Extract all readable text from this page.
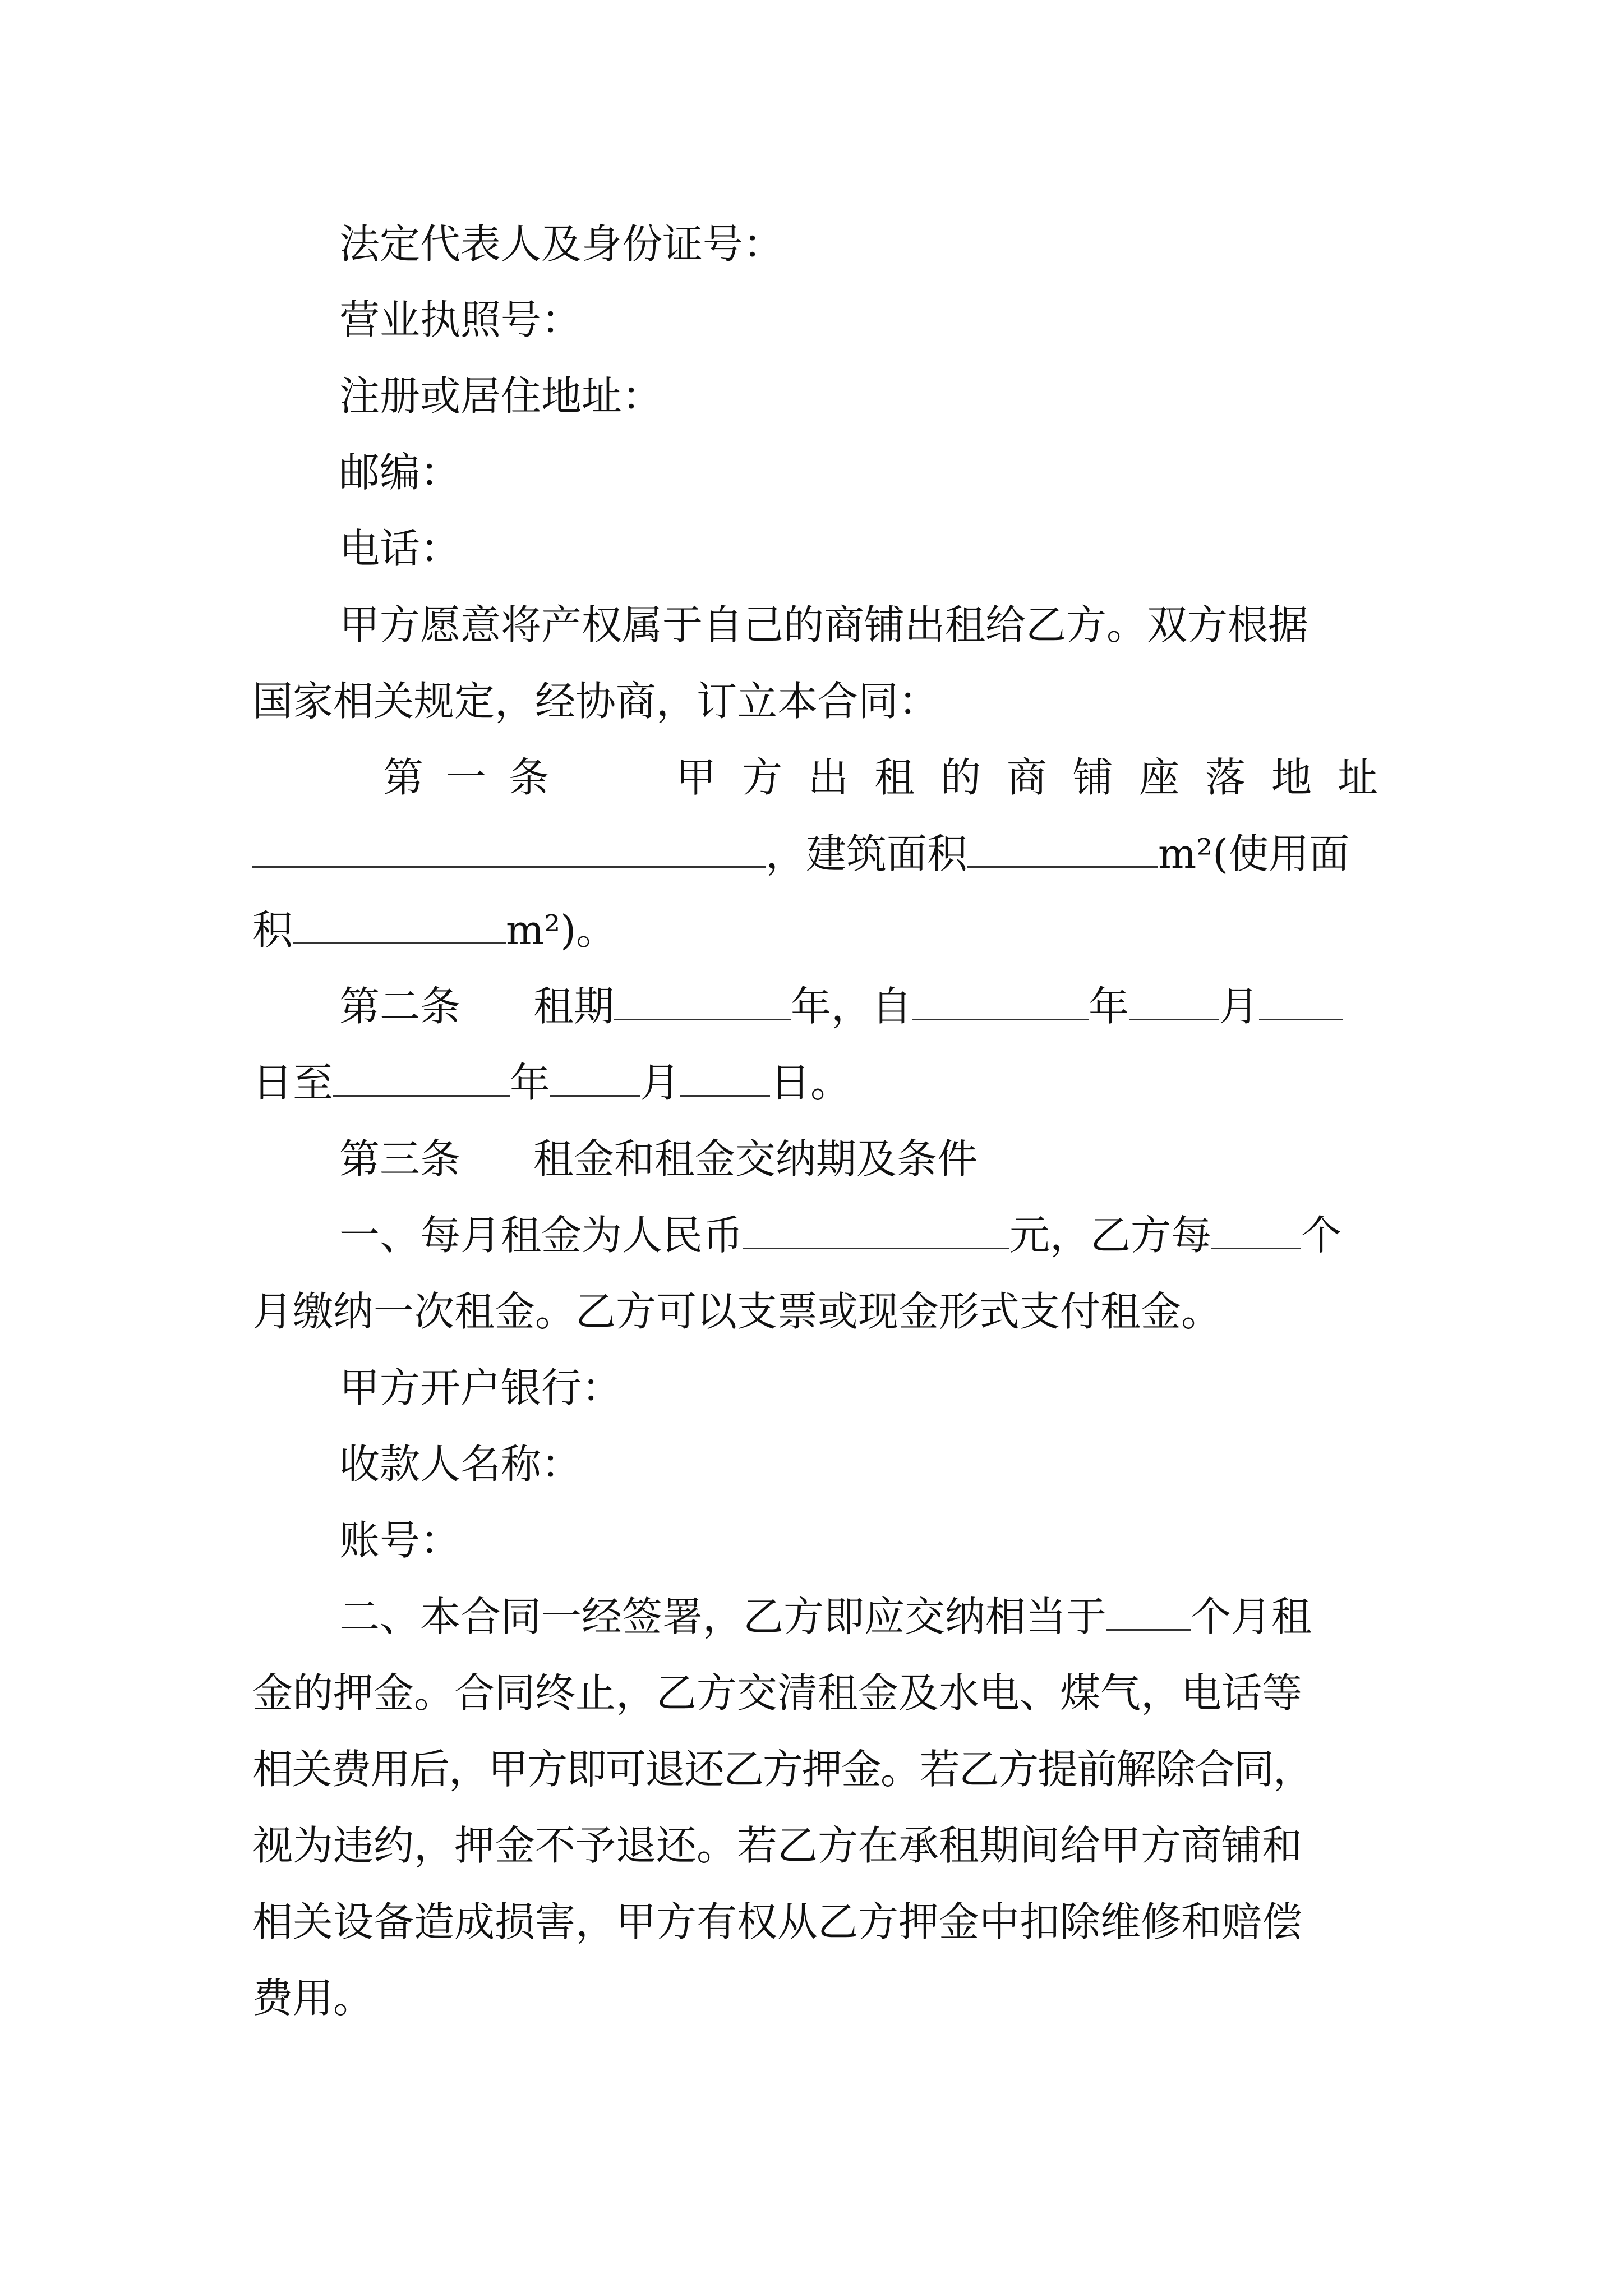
法定代表人及身份证号：
营业执照号：
注册或居住地址：
邮编：
电话：
甲方愿意将产权属于自己的商铺出租给乙方。双方根据
国家相关规定，经协商，订立本合同：
第一条	甲方出租的商铺座落地址
，建筑面积	m²(使用面
积	m²)。
第二条 租期	年，自	年 月
日至	年 月 日。
第三条 租金和租金交纳期及条件
一、每月租金为人民币	元，乙方每 个
月缴纳一次租金。乙方可以支票或现金形式支付租金。
甲方开户银行：
收款人名称：
账号：
二、本合同一经签署，乙方即应交纳相当于 个月租
金的押金。合同终止，乙方交清租金及水电、煤气，电话等
相关费用后，甲方即可退还乙方押金。若乙方提前解除合同，
视为违约，押金不予退还。若乙方在承租期间给甲方商铺和
相关设备造成损害，甲方有权从乙方押金中扣除维修和赔偿
费用。
